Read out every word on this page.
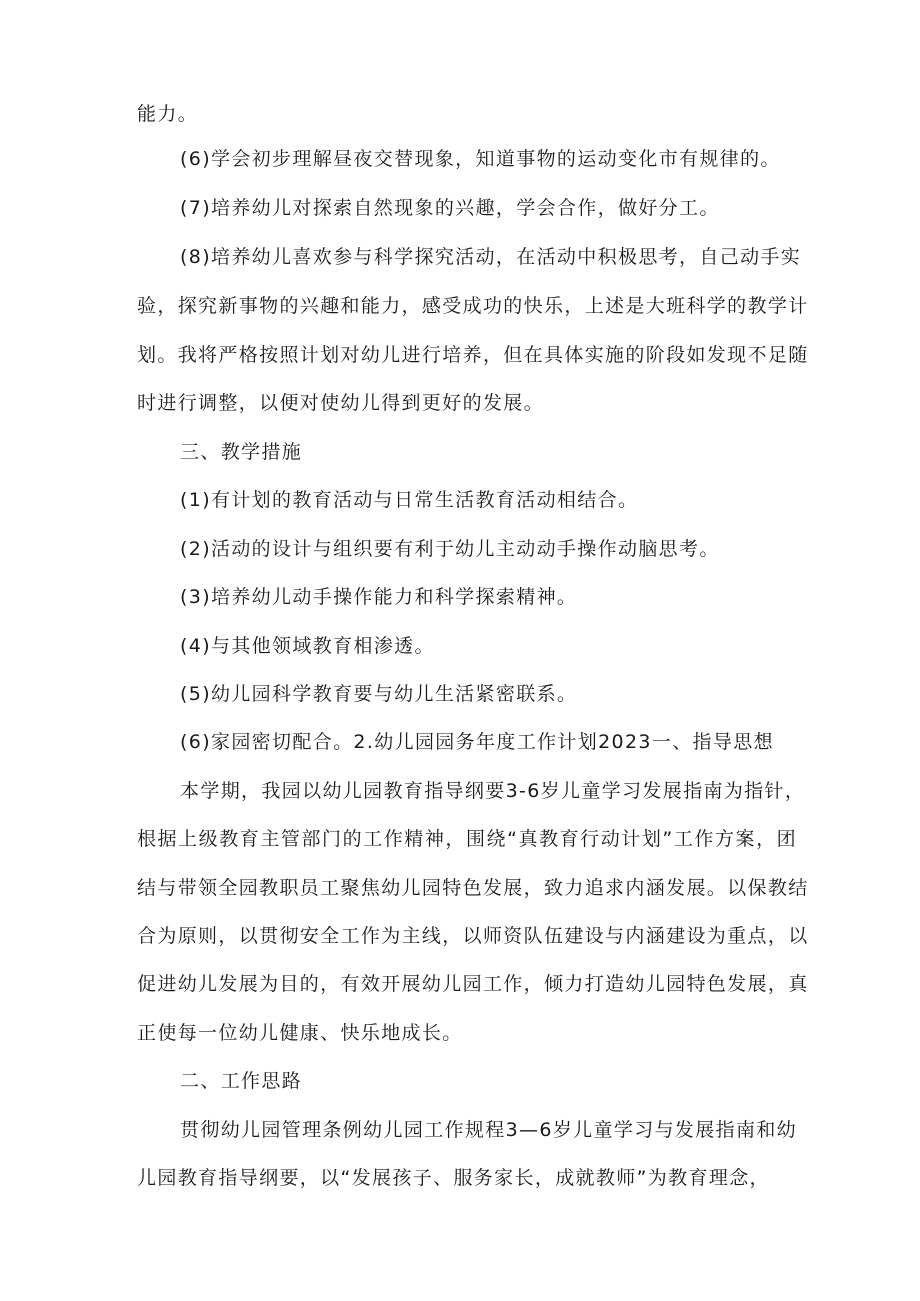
能力。
(6)学会初步理解昼夜交替现象，知道事物的运动变化市有规律的。
(7)培养幼儿对探索自然现象的兴趣，学会合作，做好分工。
(8)培养幼儿喜欢参与科学探究活动，在活动中积极思考，自己动手实
验，探究新事物的兴趣和能力，感受成功的快乐，上述是大班科学的教学计
划。我将严格按照计划对幼儿进行培养，但在具体实施的阶段如发现不足随
时进行调整，以便对使幼儿得到更好的发展。
三、教学措施
(1)有计划的教育活动与日常生活教育活动相结合。
(2)活动的设计与组织要有利于幼儿主动动手操作动脑思考。
(3)培养幼儿动手操作能力和科学探索精神。
(4)与其他领域教育相渗透。
(5)幼儿园科学教育要与幼儿生活紧密联系。
(6)家园密切配合。2.幼儿园园务年度工作计划2023一、指导思想
本学期，我园以幼儿园教育指导纲要3-6岁儿童学习发展指南为指针，
根据上级教育主管部门的工作精神，围绕“真教育行动计划”工作方案，团
结与带领全园教职员工聚焦幼儿园特色发展，致力追求内涵发展。以保教结
合为原则，以贯彻安全工作为主线，以师资队伍建设与内涵建设为重点，以
促进幼儿发展为目的，有效开展幼儿园工作，倾力打造幼儿园特色发展，真
正使每一位幼儿健康、快乐地成长。
二、工作思路
贯彻幼儿园管理条例幼儿园工作规程3—6岁儿童学习与发展指南和幼
儿园教育指导纲要，以“发展孩子、服务家长，成就教师”为教育理念，
